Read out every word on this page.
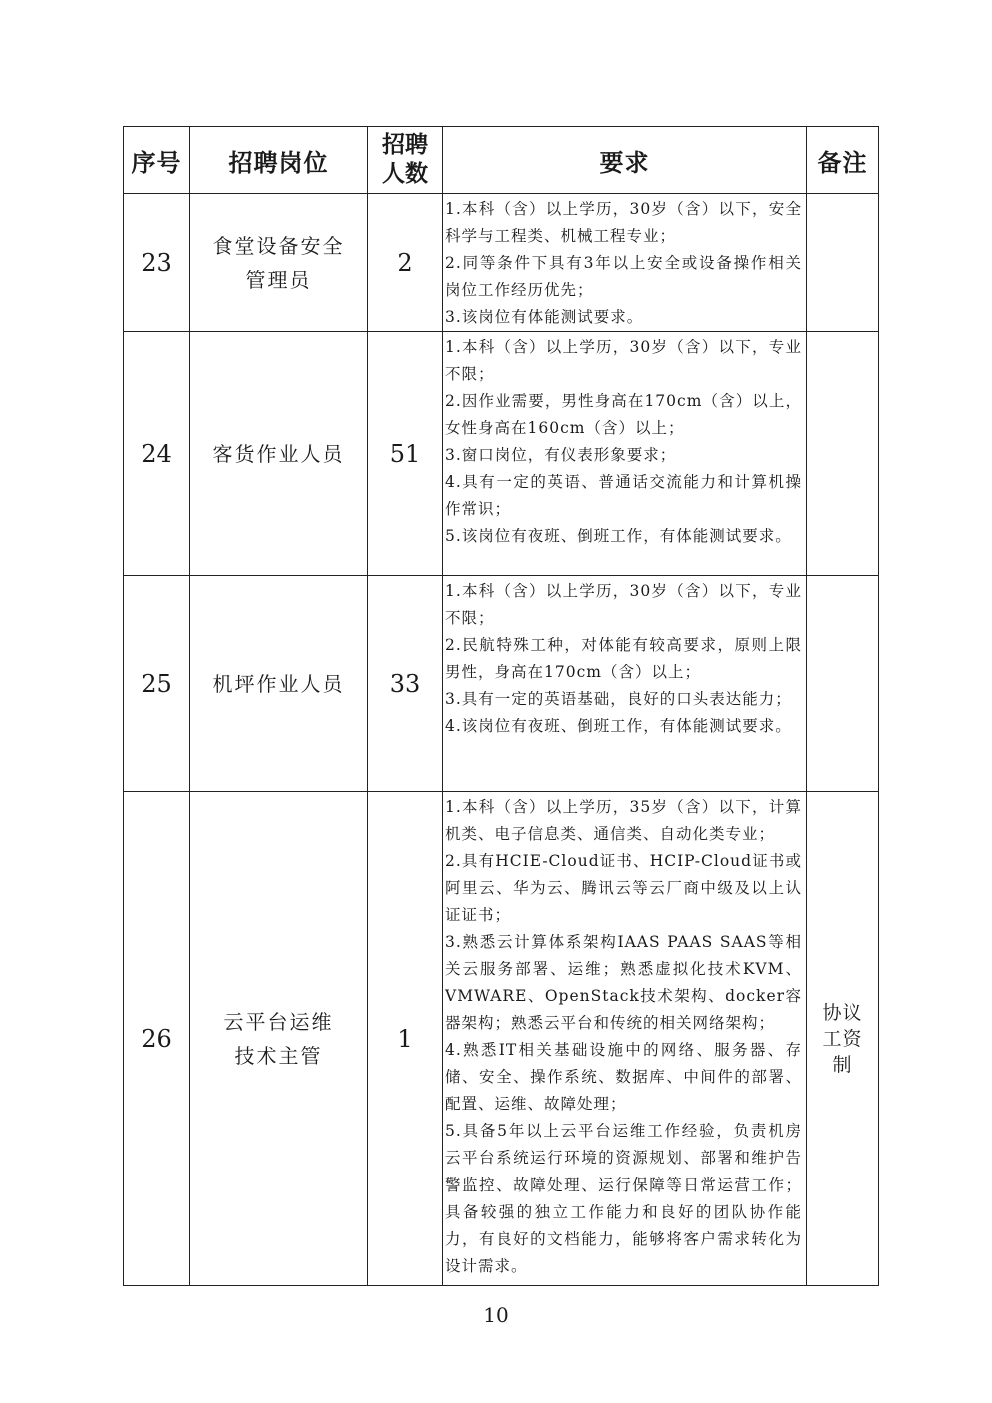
序号	招聘岗位	招聘人数	要求	备注
23	食堂设备安全管理员	2	1.本科（含）以上学历，30岁（含）以下，安全科学与工程类、机械工程专业；
2.同等条件下具有3年以上安全或设备操作相关岗位工作经历优先；
3.该岗位有体能测试要求。	

24	客货作业人员	51	1.本科（含）以上学历，30岁（含）以下，专业不限；
2.因作业需要，男性身高在170cm（含）以上，女性身高在160cm（含）以上；
3.窗口岗位，有仪表形象要求；
4.具有一定的英语、普通话交流能力和计算机操作常识；
5.该岗位有夜班、倒班工作，有体能测试要求。	

25	机坪作业人员	33	1.本科（含）以上学历，30岁（含）以下，专业不限；
2.民航特殊工种，对体能有较高要求，原则上限男性，身高在170cm（含）以上；
3.具有一定的英语基础，良好的口头表达能力；
4.该岗位有夜班、倒班工作，有体能测试要求。	

26	云平台运维技术主管	1	1.本科（含）以上学历，35岁（含）以下，计算机类、电子信息类、通信类、自动化类专业；
2.具有HCIE-Cloud证书、HCIP-Cloud证书或阿里云、华为云、腾讯云等云厂商中级及以上认证证书；
3.熟悉云计算体系架构IAAS PAAS SAAS等相关云服务部署、运维；熟悉虚拟化技术KVM、VMWARE、OpenStack技术架构、docker容器架构；熟悉云平台和传统的相关网络架构；
4.熟悉IT相关基础设施中的网络、服务器、存储、安全、操作系统、数据库、中间件的部署、配置、运维、故障处理；
5.具备5年以上云平台运维工作经验，负责机房云平台系统运行环境的资源规划、部署和维护告警监控、故障处理、运行保障等日常运营工作；具备较强的独立工作能力和良好的团队协作能力，有良好的文档能力，能够将客户需求转化为设计需求。	协议工资制
10
